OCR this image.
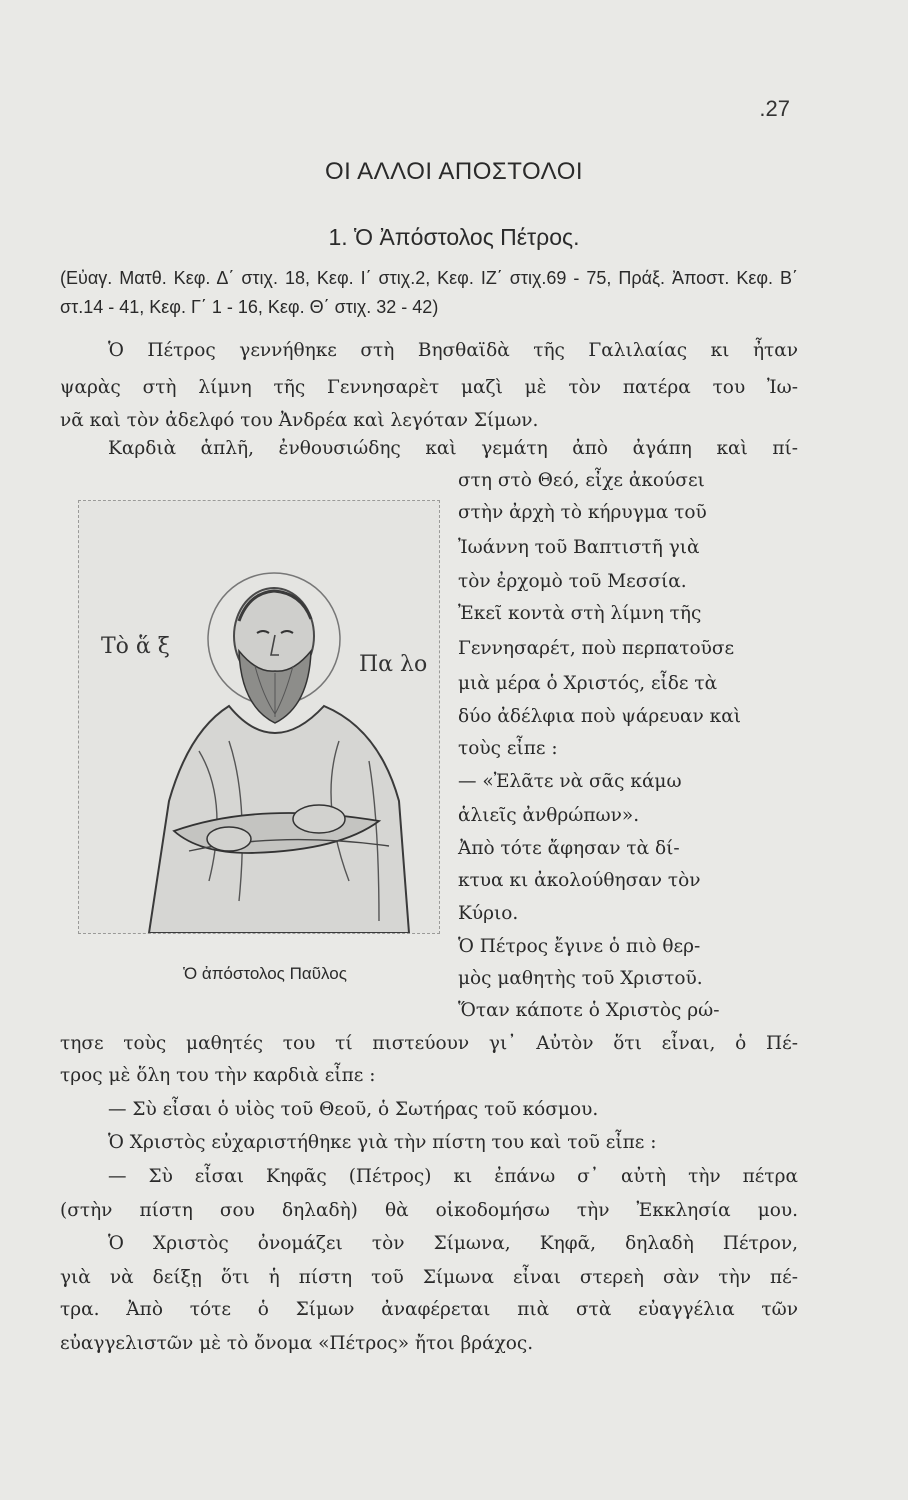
.27
ΟΙ ΑΛΛΟΙ ΑΠΟΣΤΟΛΟΙ
1. Ὁ Ἀπόστολος Πέτρος.
(Εὐαγ. Ματθ. Κεφ. Δ΄ στιχ. 18, Κεφ. Ι΄ στιχ.2, Κεφ. ΙΖ΄ στιχ.69 - 75, Πράξ. Ἀποστ. Κεφ. Β΄ στ.14 - 41, Κεφ. Γ΄ 1 - 16, Κεφ. Θ΄ στιχ. 32 - 42)
Ὁ Πέτρος γεννήθηκε στὴ Βησθαϊδὰ τῆς Γαλιλαίας κι ἦταν
ψαρὰς στὴ λίμνη τῆς Γεννησαρὲτ μαζὶ μὲ τὸν πατέρα του Ἰω-
νᾶ καὶ τὸν ἀδελφό του Ἀνδρέα καὶ λεγόταν Σίμων.
Καρδιὰ ἁπλῆ, ἐνθουσιώδης καὶ γεμάτη ἀπὸ ἀγάπη καὶ πί-
στη στὸ Θεό, εἶχε ἀκούσει
στὴν ἀρχὴ τὸ κήρυγμα τοῦ
Ἰωάννη τοῦ Βαπτιστῆ γιὰ
τὸν ἐρχομὸ τοῦ Μεσσία.
Ἐκεῖ κοντὰ στὴ λίμνη τῆς
Γεννησαρέτ, ποὺ περπατοῦσε
μιὰ μέρα ὁ Χριστός, εἶδε τὰ
δύο ἀδέλφια ποὺ ψάρευαν καὶ
τοὺς εἶπε :
— «Ἐλᾶτε νὰ σᾶς κάμω
ἁλιεῖς ἀνθρώπων».
Ἀπὸ τότε ἄφησαν τὰ δί-
κτυα κι ἀκολούθησαν τὸν
Κύριο.
Ὁ Πέτρος ἔγινε ὁ πιὸ θερ-
μὸς μαθητὴς τοῦ Χριστοῦ.
Ὅταν κάποτε ὁ Χριστὸς ρώ-
Τὸ ἅ ξ
Πα λο
Ὁ ἀπόστολος Παῦλος
τησε τοὺς μαθητές του τί πιστεύουν γι᾽ Αὐτὸν ὅτι εἶναι, ὁ Πέ-
τρος μὲ ὅλη του τὴν καρδιὰ εἶπε :
— Σὺ εἶσαι ὁ υἱὸς τοῦ Θεοῦ, ὁ Σωτήρας τοῦ κόσμου.
Ὁ Χριστὸς εὐχαριστήθηκε γιὰ τὴν πίστη του καὶ τοῦ εἶπε :
— Σὺ εἶσαι Κηφᾶς (Πέτρος) κι ἐπάνω σ᾽ αὐτὴ τὴν πέτρα
(στὴν πίστη σου δηλαδὴ) θὰ οἰκοδομήσω τὴν Ἐκκλησία μου.
Ὁ Χριστὸς ὀνομάζει τὸν Σίμωνα, Κηφᾶ, δηλαδὴ Πέτρον,
γιὰ νὰ δείξῃ ὅτι ἡ πίστη τοῦ Σίμωνα εἶναι στερεὴ σὰν τὴν πέ-
τρα. Ἀπὸ τότε ὁ Σίμων ἀναφέρεται πιὰ στὰ εὐαγγέλια τῶν
εὐαγγελιστῶν μὲ τὸ ὄνομα «Πέτρος» ἤτοι βράχος.
